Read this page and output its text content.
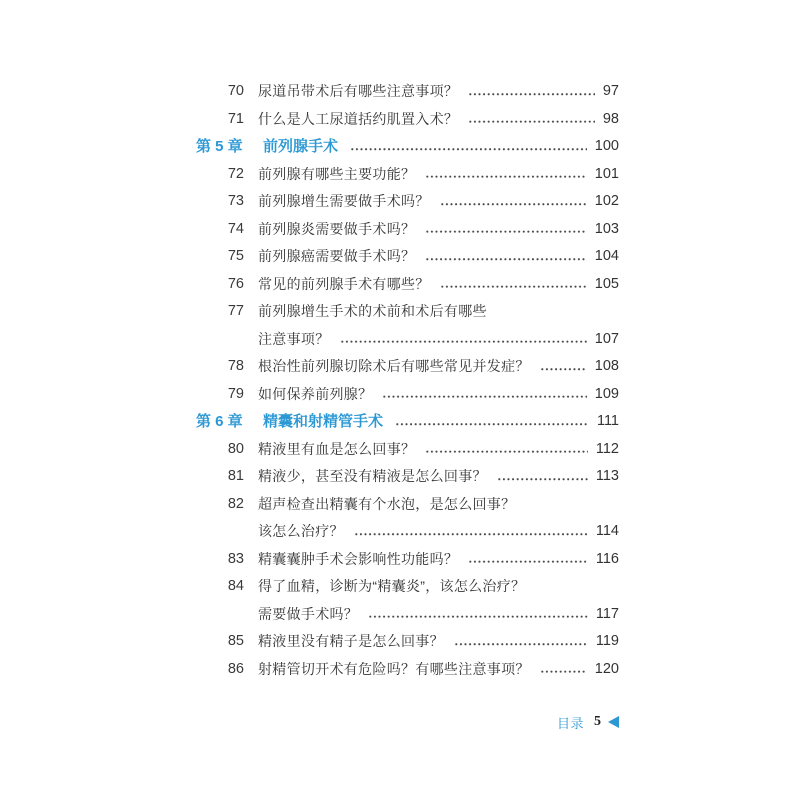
70 尿道吊带术后有哪些注意事项？	97
71 什么是人工尿道括约肌置入术？	98
第 5 章 前列腺手术	100
72 前列腺有哪些主要功能？	101
73 前列腺增生需要做手术吗？	102
74 前列腺炎需要做手术吗？	103
75 前列腺癌需要做手术吗？	104
76 常见的前列腺手术有哪些？	105
77 前列腺增生手术的术前和术后有哪些
注意事项？	107
78 根治性前列腺切除术后有哪些常见并发症？	108
79 如何保养前列腺？	109
第 6 章 精囊和射精管手术	111
80 精液里有血是怎么回事？	112
81 精液少，甚至没有精液是怎么回事？	113
82 超声检查出精囊有个水泡，是怎么回事？
该怎么治疗？	114
83 精囊囊肿手术会影响性功能吗？	116
84 得了血精，诊断为“精囊炎”，该怎么治疗？
需要做手术吗？	117
85 精液里没有精子是怎么回事？	119
86 射精管切开术有危险吗？有哪些注意事项？	120
目录 5
